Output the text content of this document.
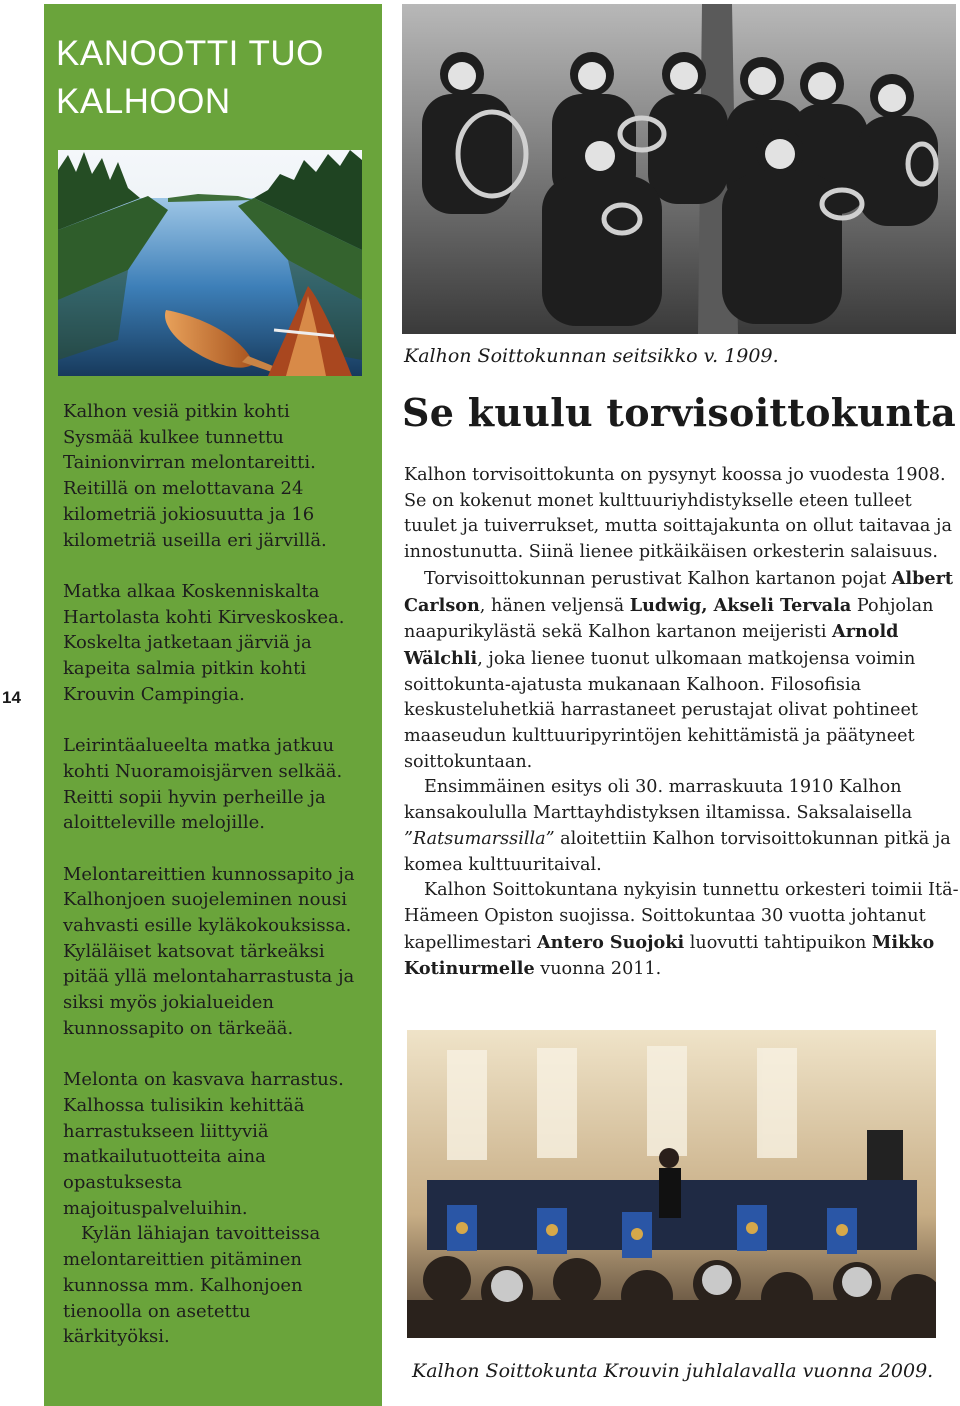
14
KANOOTTI TUO
KALHOON

Kalhon vesiä pitkin kohti Sysmää kulkee tunnettu Tainionvirran melontareitti. Reitillä on melottavana 24 kilometriä jokiosuutta ja 16 kilometriä useilla eri järvillä.

Matka alkaa Koskenniskalta Hartolasta kohti Kirveskoskea. Koskelta jatketaan järviä ja kapeita salmia pitkin kohti Krouvin Campingia.

Leirintäalueelta matka jatkuu kohti Nuoramoisjärven selkää. Reitti sopii hyvin perheille ja aloitteleville melojille.

Melontareittien kunnossapito ja Kalhonjoen suojeleminen nousi vahvasti esille kyläkokouksissa. Kyläläiset katsovat tärkeäksi pitää yllä melontaharrastusta ja siksi myös jokialueiden kunnossapito on tärkeää.

Melonta on kasvava harrastus. Kalhossa tulisikin kehittää harrastukseen liittyviä matkailutuotteita aina opastuksesta majoituspalveluihin.

Kylän lähiajan tavoitteissa melontareittien pitäminen kunnossa mm. Kalhonjoen tienoolla on asetettu kärkityöksi.

Kalhon Soittokunnan seitsikko v. 1909.
Se kuulu torvisoittokunta

Kalhon torvisoittokunta on pysynyt koossa jo vuodesta 1908. Se on kokenut monet kulttuuriyhdistykselle eteen tulleet tuulet ja tuiverrukset, mutta soittajakunta on ollut taitavaa ja innostunutta. Siinä lienee pitkäikäisen orkesterin salaisuus.

Torvisoittokunnan perustivat Kalhon kartanon pojat Albert Carlson, hänen veljensä Ludwig, Akseli Tervala Pohjolan naapurikylästä sekä Kalhon kartanon meijeristi Arnold Wälchli, joka lienee tuonut ulkomaan matkojensa voimin soittokunta-ajatusta mukanaan Kalhoon. Filosofisia keskusteluhetkiä harrastaneet perustajat olivat pohtineet maaseudun kulttuuripyrintöjen kehittämistä ja päätyneet soittokuntaan.

Ensimmäinen esitys oli 30. marraskuuta 1910 Kalhon kansakoululla Marttayhdistyksen iltamissa. Saksalaisella ”Ratsumarssilla” aloitettiin Kalhon torvisoittokunnan pitkä ja komea kulttuuritaival.

Kalhon Soittokuntana nykyisin tunnettu orkesteri toimii Itä-Hämeen Opiston suojissa. Soittokuntaa 30 vuotta johtanut kapellimestari Antero Suojoki luovutti tahtipuikon Mikko Kotinurmelle vuonna 2011.

Kalhon Soittokunta Krouvin juhlalavalla vuonna 2009.
